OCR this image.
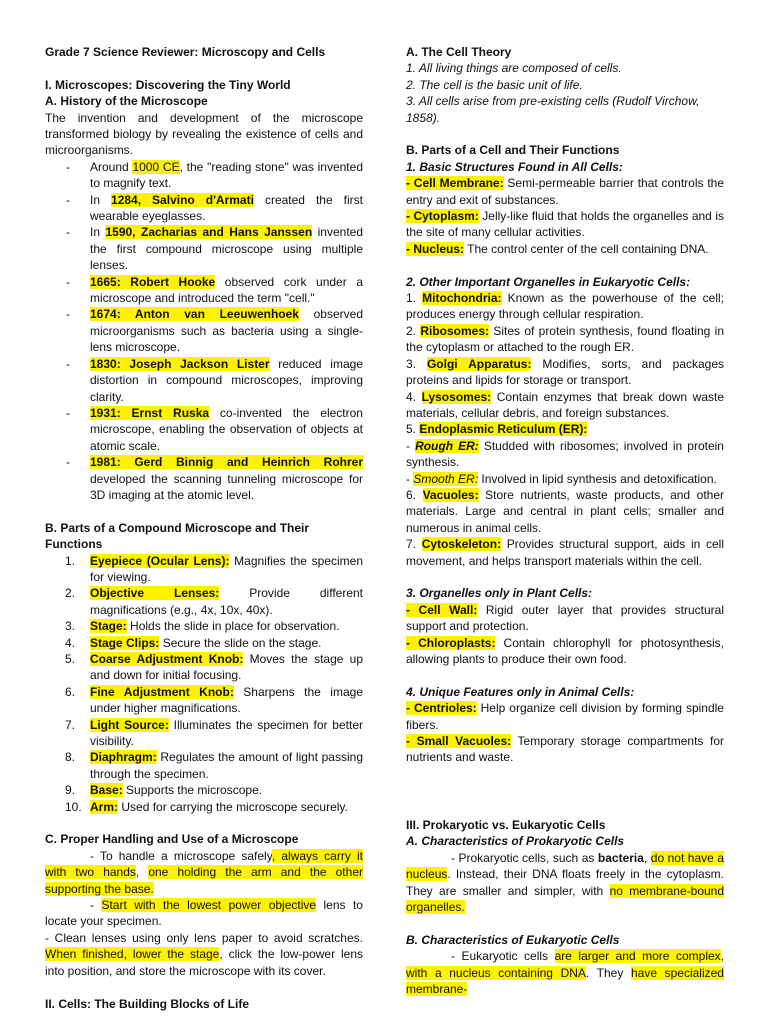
Grade 7 Science Reviewer: Microscopy and Cells

I. Microscopes: Discovering the Tiny World

A. History of the Microscope

The invention and development of the microscope transformed biology by revealing the existence of cells and microorganisms.

-	Around 1000 CE, the "reading stone" was invented to magnify text.
-	In 1284, Salvino d'Armati created the first wearable eyeglasses.
-	In 1590, Zacharias and Hans Janssen invented the first compound microscope using multiple lenses.
-	1665: Robert Hooke observed cork under a microscope and introduced the term "cell."
-	1674: Anton van Leeuwenhoek observed microorganisms such as bacteria using a single-lens microscope.
-	1830: Joseph Jackson Lister reduced image distortion in compound microscopes, improving clarity.
-	1931: Ernst Ruska co-invented the electron microscope, enabling the observation of objects at atomic scale.
-	1981: Gerd Binnig and Heinrich Rohrer developed the scanning tunneling microscope for 3D imaging at the atomic level.

B. Parts of a Compound Microscope and Their Functions

1.	Eyepiece (Ocular Lens): Magnifies the specimen for viewing.
2.	Objective Lenses: Provide different magnifications (e.g., 4x, 10x, 40x).
3.	Stage: Holds the slide in place for observation.
4.	Stage Clips: Secure the slide on the stage.
5.	Coarse Adjustment Knob: Moves the stage up and down for initial focusing.
6.	Fine Adjustment Knob: Sharpens the image under higher magnifications.
7.	Light Source: Illuminates the specimen for better visibility.
8.	Diaphragm: Regulates the amount of light passing through the specimen.
9.	Base: Supports the microscope.
10. Arm: Used for carrying the microscope securely.

C. Proper Handling and Use of a Microscope

- To handle a microscope safely, always carry it with two hands, one holding the arm and the other supporting the base.

- Start with the lowest power objective lens to locate your specimen.

- Clean lenses using only lens paper to avoid scratches. When finished, lower the stage, click the low-power lens into position, and store the microscope with its cover.

II. Cells: The Building Blocks of Life

A. The Cell Theory

1. All living things are composed of cells.

2. The cell is the basic unit of life.

3. All cells arise from pre-existing cells (Rudolf Virchow, 1858).

B. Parts of a Cell and Their Functions

1. Basic Structures Found in All Cells:

- Cell Membrane: Semi-permeable barrier that controls the entry and exit of substances.

- Cytoplasm: Jelly-like fluid that holds the organelles and is the site of many cellular activities.

- Nucleus: The control center of the cell containing DNA.

2. Other Important Organelles in Eukaryotic Cells:

1. Mitochondria: Known as the powerhouse of the cell; produces energy through cellular respiration.

2. Ribosomes: Sites of protein synthesis, found floating in the cytoplasm or attached to the rough ER.

3. Golgi Apparatus: Modifies, sorts, and packages proteins and lipids for storage or transport.

4. Lysosomes: Contain enzymes that break down waste materials, cellular debris, and foreign substances.

5. Endoplasmic Reticulum (ER):

- Rough ER: Studded with ribosomes; involved in protein synthesis.

- Smooth ER: Involved in lipid synthesis and detoxification.

6. Vacuoles: Store nutrients, waste products, and other materials. Large and central in plant cells; smaller and numerous in animal cells.

7. Cytoskeleton: Provides structural support, aids in cell movement, and helps transport materials within the cell.

3. Organelles only in Plant Cells:

- Cell Wall: Rigid outer layer that provides structural support and protection.

- Chloroplasts: Contain chlorophyll for photosynthesis, allowing plants to produce their own food.

4. Unique Features only in Animal Cells:

- Centrioles: Help organize cell division by forming spindle fibers.

- Small Vacuoles: Temporary storage compartments for nutrients and waste.

III. Prokaryotic vs. Eukaryotic Cells

A. Characteristics of Prokaryotic Cells

- Prokaryotic cells, such as bacteria, do not have a nucleus. Instead, their DNA floats freely in the cytoplasm. They are smaller and simpler, with no membrane-bound organelles.

B. Characteristics of Eukaryotic Cells

- Eukaryotic cells are larger and more complex, with a nucleus containing DNA. They have specialized membrane-
